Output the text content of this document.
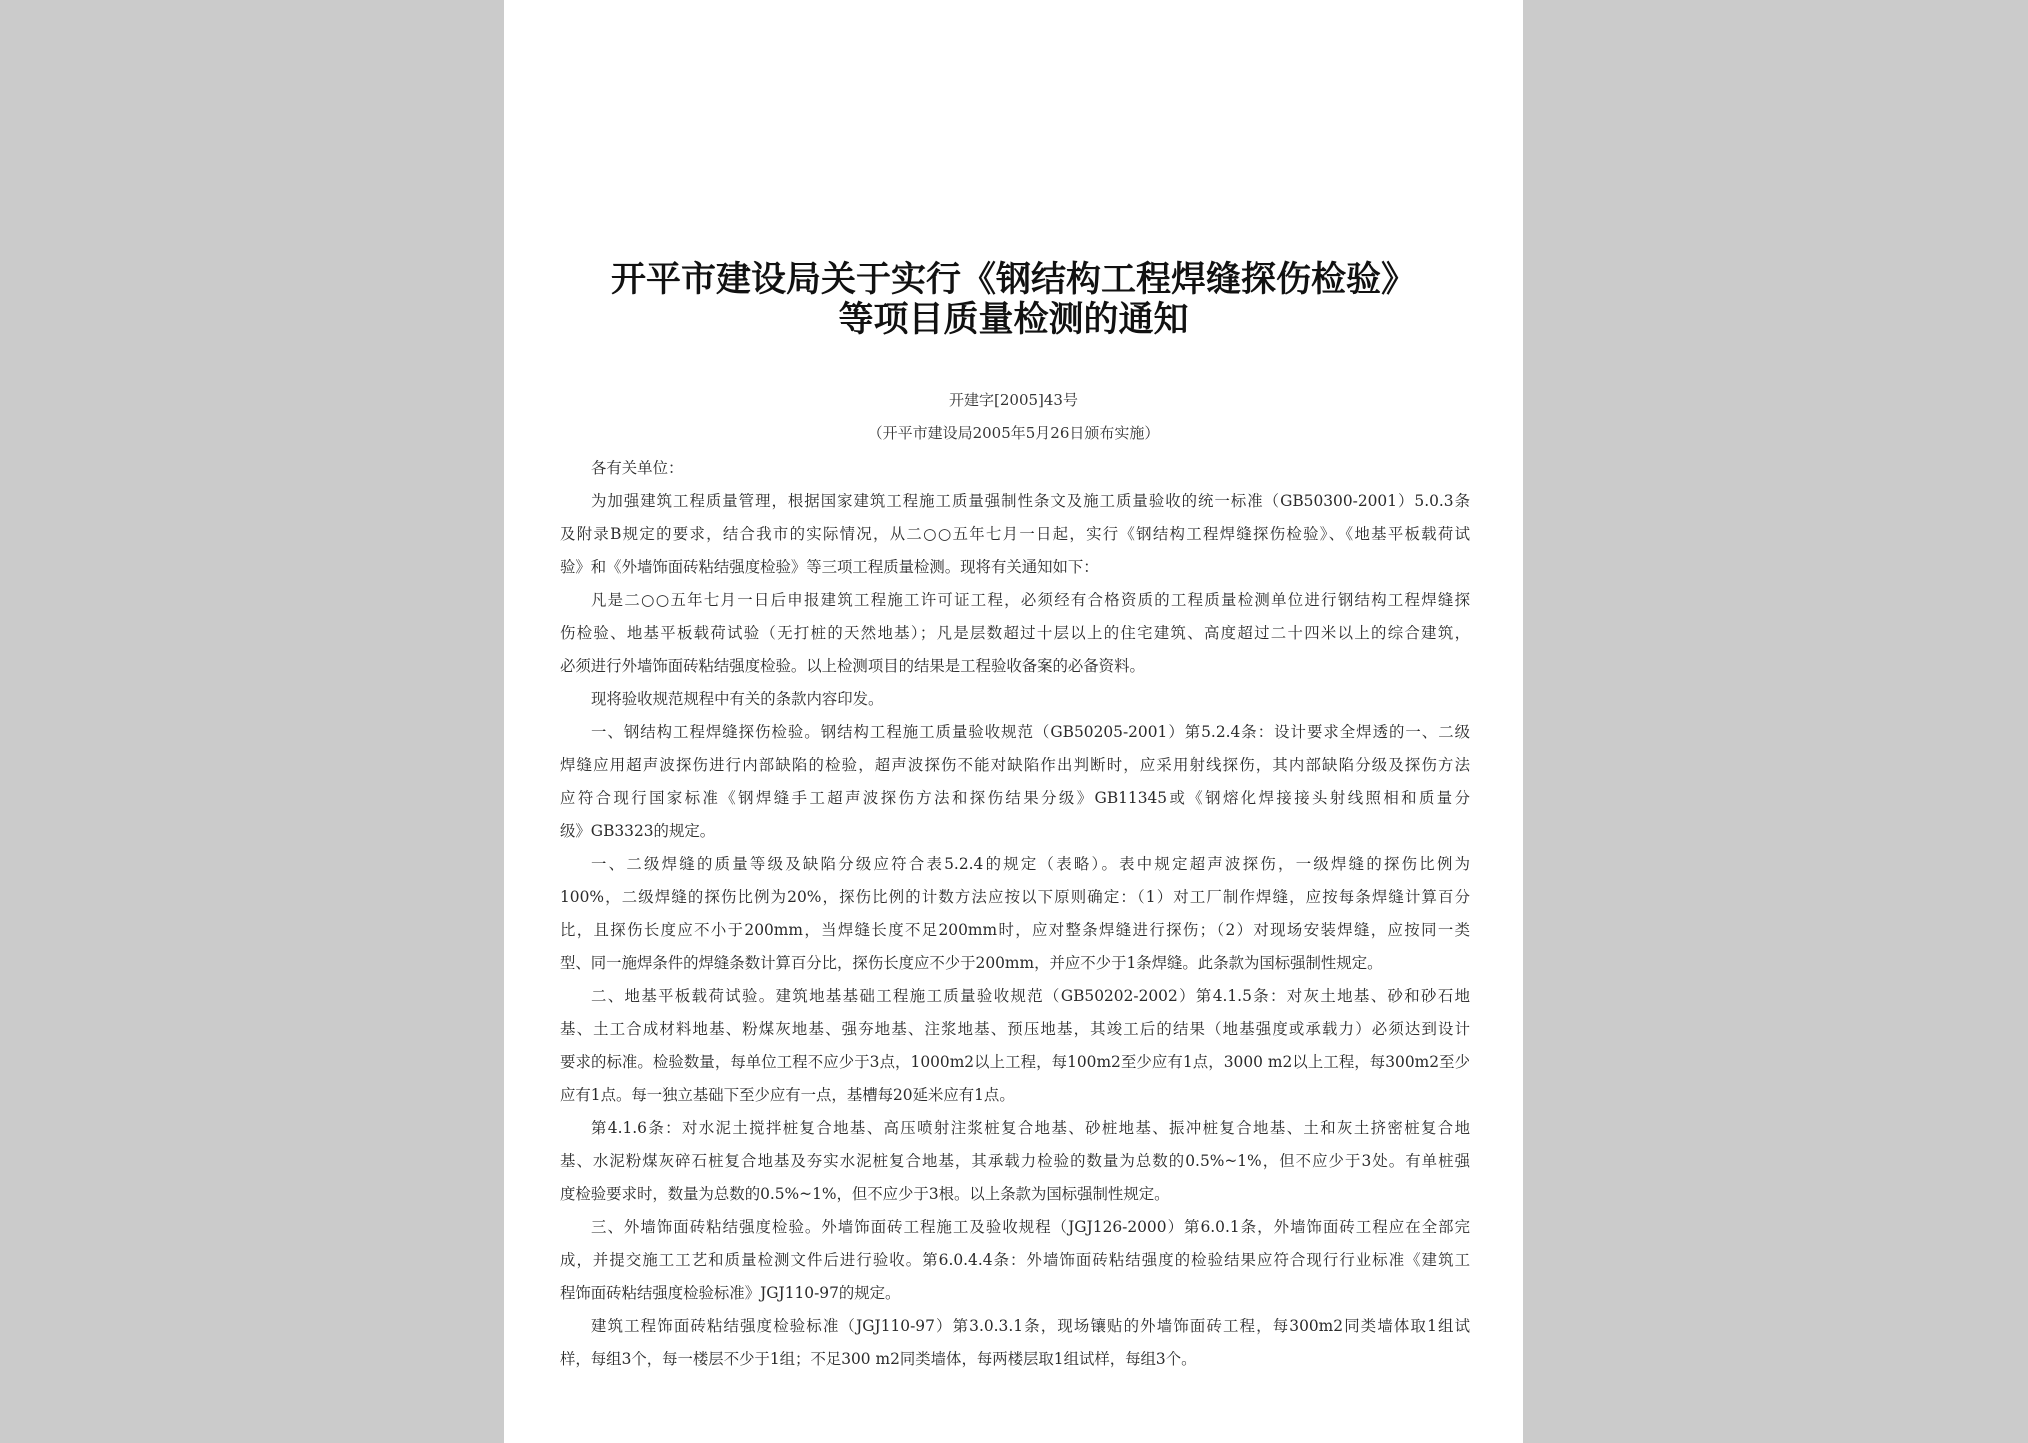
开平市建设局关于实行《钢结构工程焊缝探伤检验》
等项目质量检测的通知
开建字[2005]43号
（开平市建设局2005年5月26日颁布实施）
各有关单位：
为加强建筑工程质量管理，根据国家建筑工程施工质量强制性条文及施工质量验收的统一标准（GB50300-2001）5.0.3条
及附录B规定的要求，结合我市的实际情况，从二○○五年七月一日起，实行《钢结构工程焊缝探伤检验》、《地基平板载荷试
验》和《外墙饰面砖粘结强度检验》等三项工程质量检测。现将有关通知如下：
凡是二○○五年七月一日后申报建筑工程施工许可证工程，必须经有合格资质的工程质量检测单位进行钢结构工程焊缝探
伤检验、地基平板载荷试验（无打桩的天然地基）；凡是层数超过十层以上的住宅建筑、高度超过二十四米以上的综合建筑，
必须进行外墙饰面砖粘结强度检验。以上检测项目的结果是工程验收备案的必备资料。
现将验收规范规程中有关的条款内容印发。
一、钢结构工程焊缝探伤检验。钢结构工程施工质量验收规范（GB50205-2001）第5.2.4条：设计要求全焊透的一、二级
焊缝应用超声波探伤进行内部缺陷的检验，超声波探伤不能对缺陷作出判断时，应采用射线探伤，其内部缺陷分级及探伤方法
应符合现行国家标准《钢焊缝手工超声波探伤方法和探伤结果分级》GB11345或《钢熔化焊接接头射线照相和质量分
级》GB3323的规定。
一、二级焊缝的质量等级及缺陷分级应符合表5.2.4的规定（表略）。表中规定超声波探伤，一级焊缝的探伤比例为
100%，二级焊缝的探伤比例为20%，探伤比例的计数方法应按以下原则确定：（1）对工厂制作焊缝，应按每条焊缝计算百分
比，且探伤长度应不小于200mm，当焊缝长度不足200mm时，应对整条焊缝进行探伤；（2）对现场安装焊缝，应按同一类
型、同一施焊条件的焊缝条数计算百分比，探伤长度应不少于200mm，并应不少于1条焊缝。此条款为国标强制性规定。
二、地基平板载荷试验。建筑地基基础工程施工质量验收规范（GB50202-2002）第4.1.5条：对灰土地基、砂和砂石地
基、土工合成材料地基、粉煤灰地基、强夯地基、注浆地基、预压地基，其竣工后的结果（地基强度或承载力）必须达到设计
要求的标准。检验数量，每单位工程不应少于3点，1000m2以上工程，每100m2至少应有1点，3000 m2以上工程，每300m2至少
应有1点。每一独立基础下至少应有一点，基槽每20延米应有1点。
第4.1.6条：对水泥土搅拌桩复合地基、高压喷射注浆桩复合地基、砂桩地基、振冲桩复合地基、土和灰土挤密桩复合地
基、水泥粉煤灰碎石桩复合地基及夯实水泥桩复合地基，其承载力检验的数量为总数的0.5%~1%，但不应少于3处。有单桩强
度检验要求时，数量为总数的0.5%~1%，但不应少于3根。以上条款为国标强制性规定。
三、外墙饰面砖粘结强度检验。外墙饰面砖工程施工及验收规程（JGJ126-2000）第6.0.1条，外墙饰面砖工程应在全部完
成，并提交施工工艺和质量检测文件后进行验收。第6.0.4.4条：外墙饰面砖粘结强度的检验结果应符合现行行业标准《建筑工
程饰面砖粘结强度检验标准》JGJ110-97的规定。
建筑工程饰面砖粘结强度检验标准（JGJ110-97）第3.0.3.1条，现场镶贴的外墙饰面砖工程，每300m2同类墙体取1组试
样，每组3个，每一楼层不少于1组；不足300 m2同类墙体，每两楼层取1组试样，每组3个。
